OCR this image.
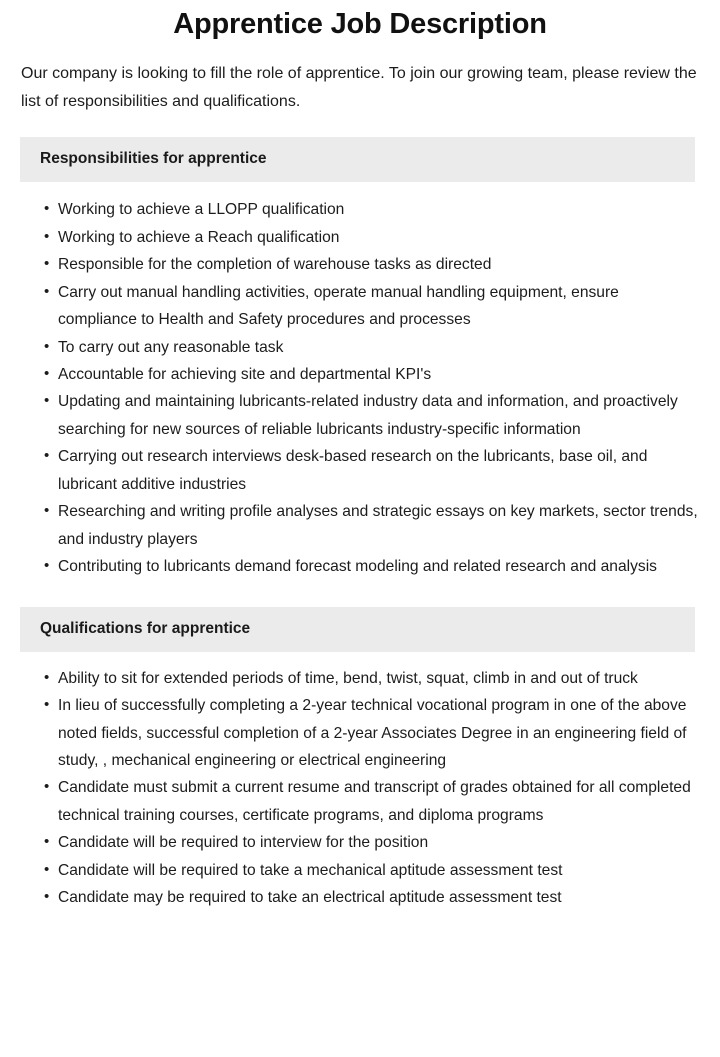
Apprentice Job Description

Our company is looking to fill the role of apprentice. To join our growing team, please review the list of responsibilities and qualifications.

Responsibilities for apprentice
• Working to achieve a LLOPP qualification
• Working to achieve a Reach qualification
• Responsible for the completion of warehouse tasks as directed
• Carry out manual handling activities, operate manual handling equipment, ensure compliance to Health and Safety procedures and processes
• To carry out any reasonable task
• Accountable for achieving site and departmental KPI's
• Updating and maintaining lubricants-related industry data and information, and proactively searching for new sources of reliable lubricants industry-specific information
• Carrying out research interviews desk-based research on the lubricants, base oil, and lubricant additive industries
• Researching and writing profile analyses and strategic essays on key markets, sector trends, and industry players
• Contributing to lubricants demand forecast modeling and related research and analysis
Qualifications for apprentice
• Ability to sit for extended periods of time, bend, twist, squat, climb in and out of truck
• In lieu of successfully completing a 2-year technical vocational program in one of the above noted fields, successful completion of a 2-year Associates Degree in an engineering field of study, , mechanical engineering or electrical engineering
• Candidate must submit a current resume and transcript of grades obtained for all completed technical training courses, certificate programs, and diploma programs
• Candidate will be required to interview for the position
• Candidate will be required to take a mechanical aptitude assessment test
• Candidate may be required to take an electrical aptitude assessment test
